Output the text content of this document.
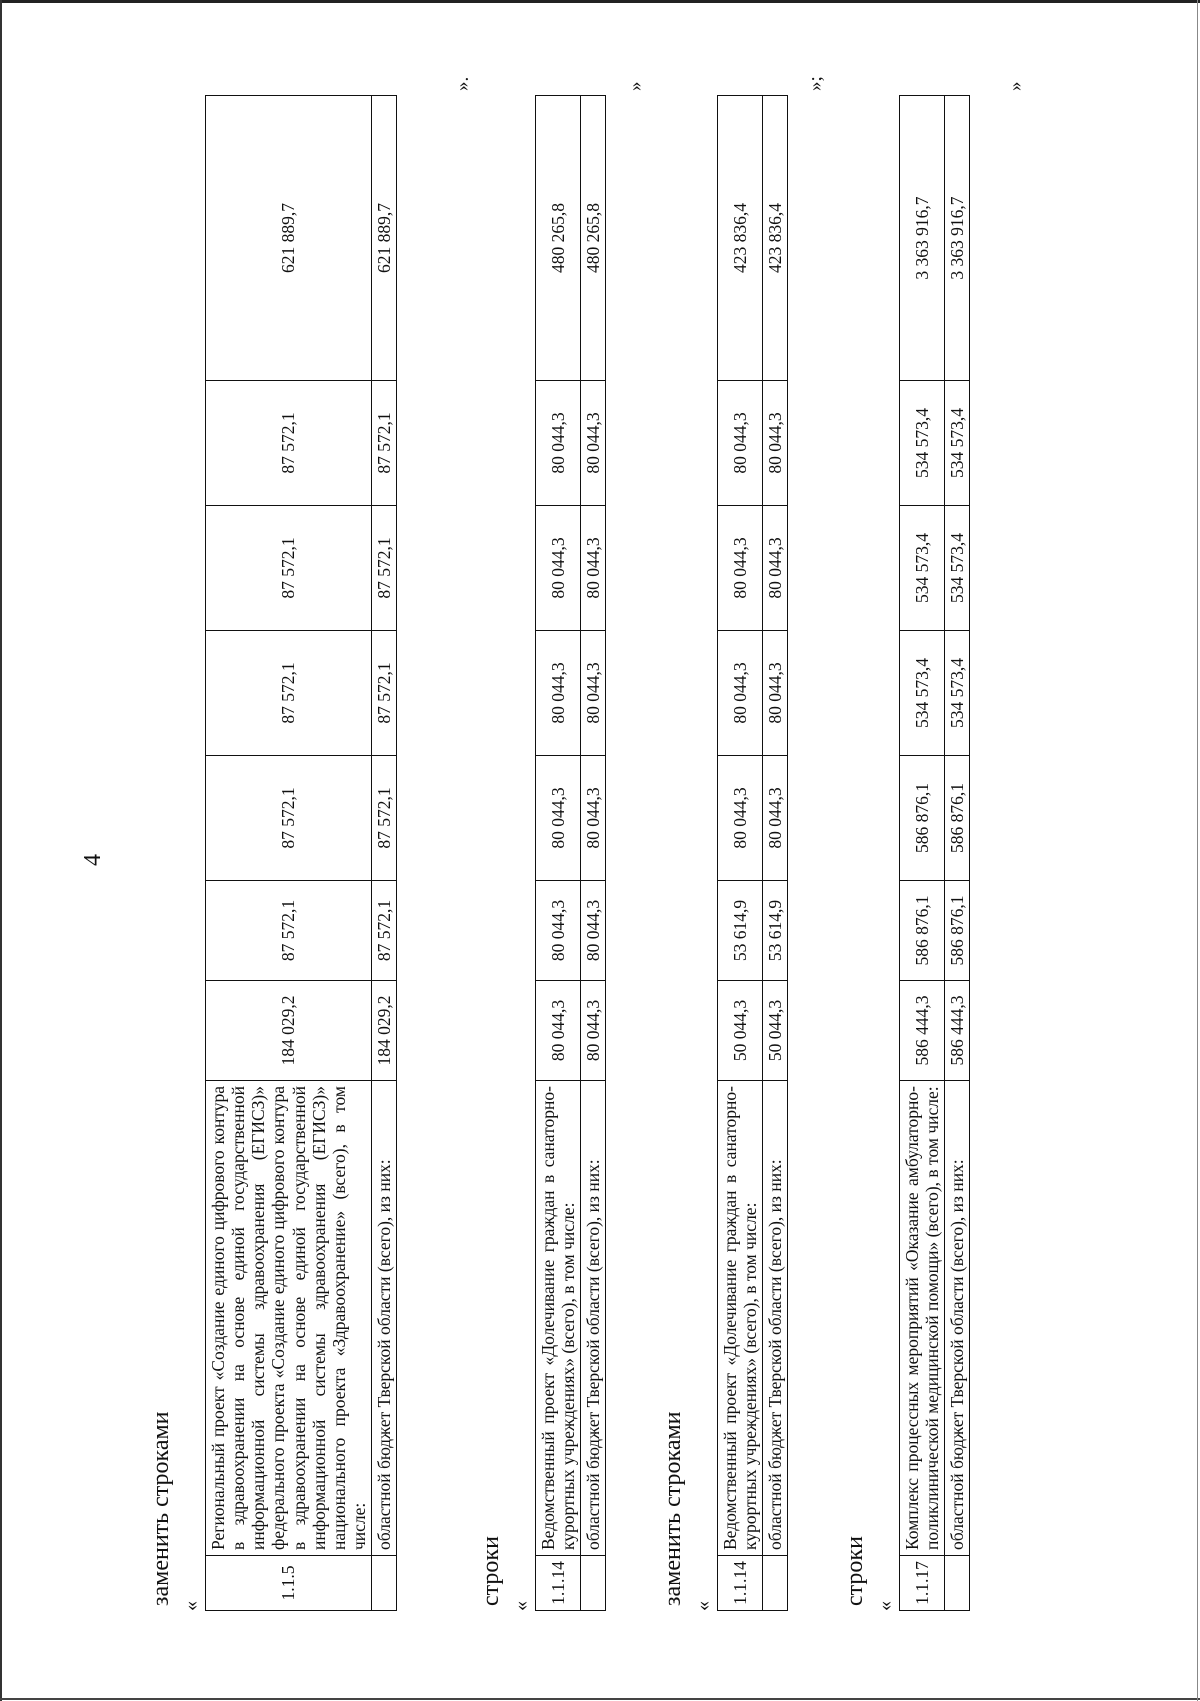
4
заменить строками «
1.1.5	Региональный проект «Создание единого цифрового контура в здравоохранении на основе единой государственной информационной системы здравоохранения (ЕГИСЗ)» федерального проекта «Создание единого цифрового контура в здравоохранении на основе единой государственной информационной системы здравоохранения (ЕГИСЗ)» национального проекта «Здравоохранение» (всего), в том числе:	184 029,2	87 572,1	87 572,1	87 572,1	87 572,1	87 572,1	621 889,7
	областной бюджет Тверской области (всего), из них:	184 029,2	87 572,1	87 572,1	87 572,1	87 572,1	87 572,1	621 889,7
».
строки «
1.1.14	Ведомственный проект «Долечивание граждан в санаторно-курортных учреждениях» (всего), в том числе:	80 044,3	80 044,3	80 044,3	80 044,3	80 044,3	80 044,3	480 265,8
	областной бюджет Тверской области (всего), из них:	80 044,3	80 044,3	80 044,3	80 044,3	80 044,3	80 044,3	480 265,8
»
заменить строками «
1.1.14	Ведомственный проект «Долечивание граждан в санаторно-курортных учреждениях» (всего), в том числе:	50 044,3	53 614,9	80 044,3	80 044,3	80 044,3	80 044,3	423 836,4
	областной бюджет Тверской области (всего), из них:	50 044,3	53 614,9	80 044,3	80 044,3	80 044,3	80 044,3	423 836,4
»;
строки «
1.1.17	Комплекс процессных мероприятий «Оказание амбулаторно-поликлинической медицинской помощи» (всего), в том числе:	586 444,3	586 876,1	586 876,1	534 573,4	534 573,4	534 573,4	3 363 916,7
	областной бюджет Тверской области (всего), из них:	586 444,3	586 876,1	586 876,1	534 573,4	534 573,4	534 573,4	3 363 916,7
»
